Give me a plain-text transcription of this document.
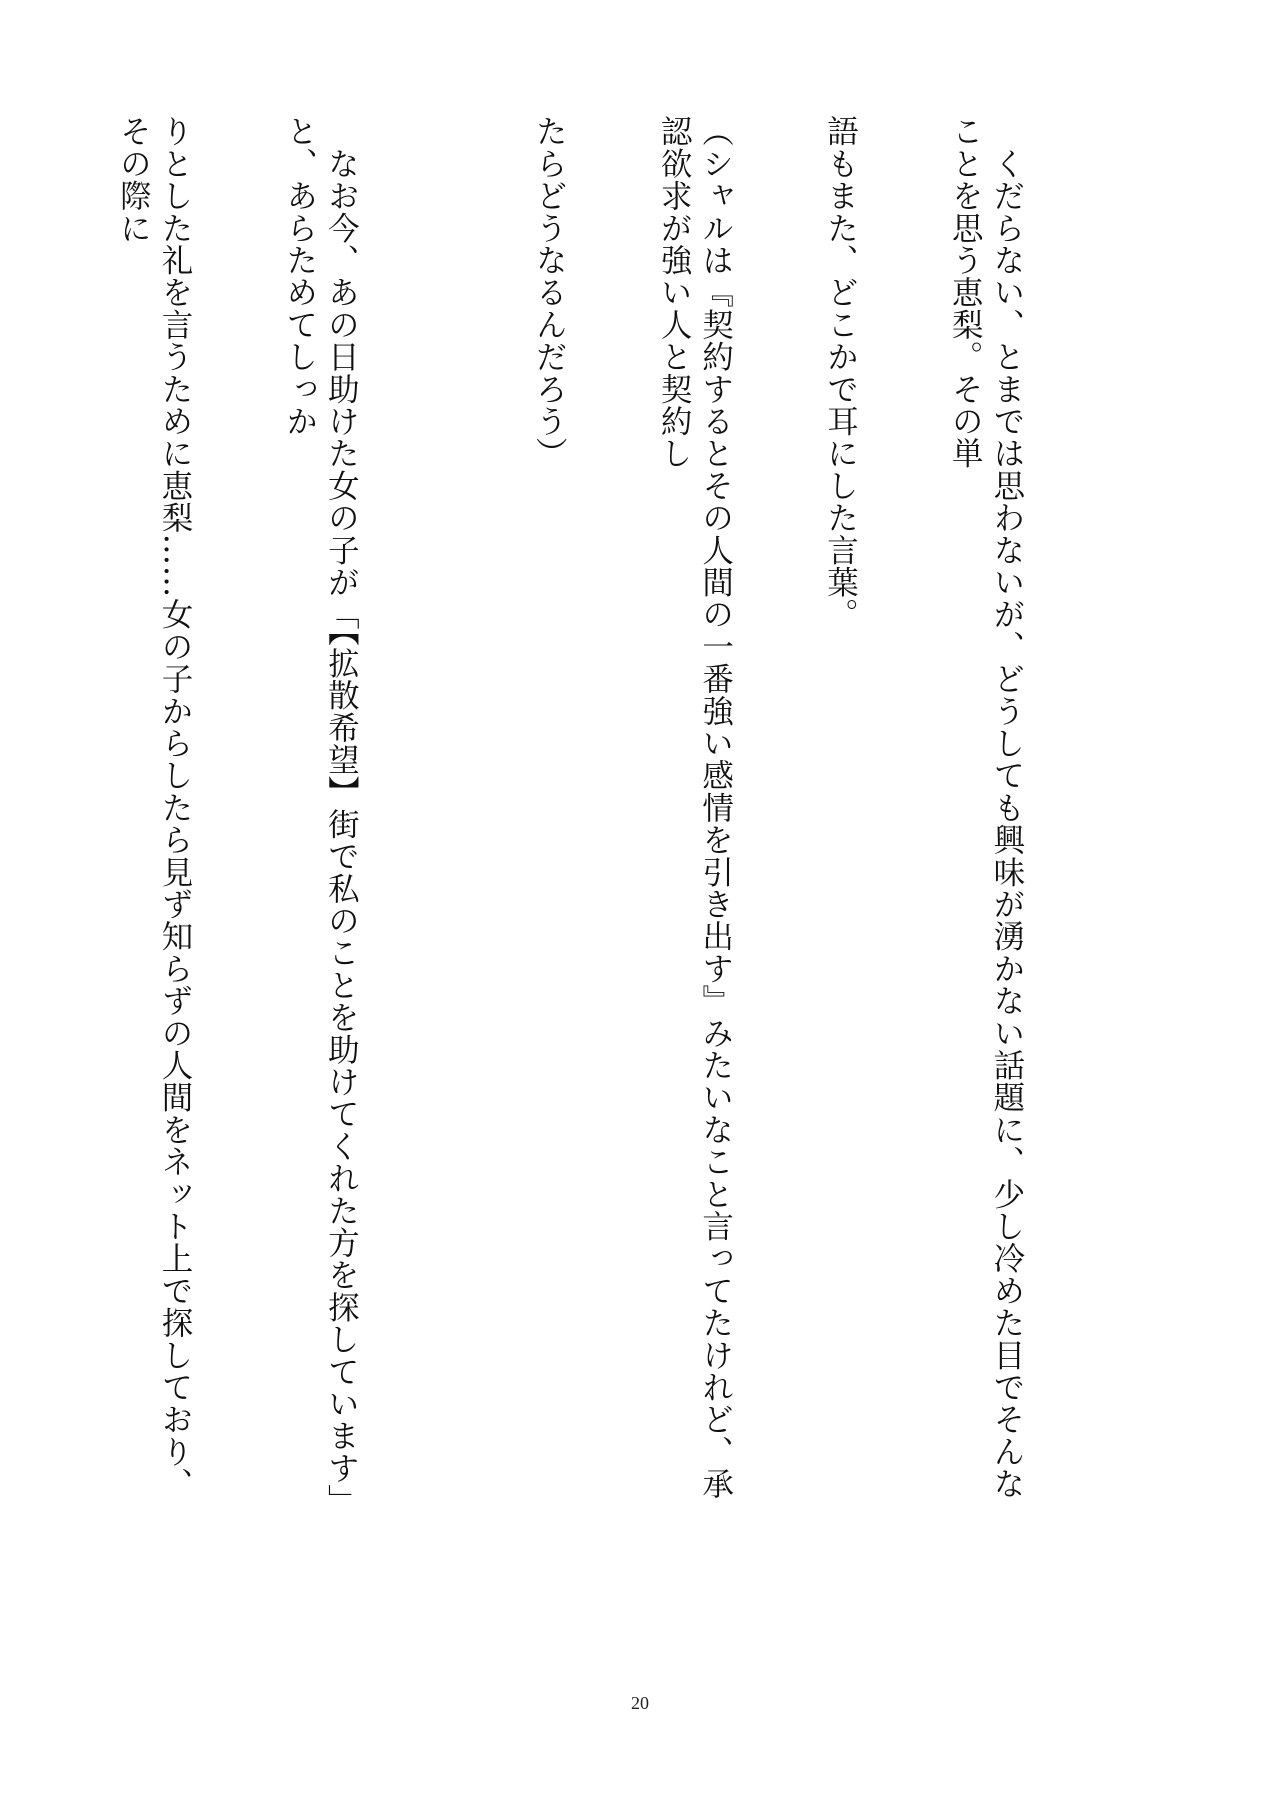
　くだらない、とまでは思わないが、どうしても興味が湧かない話題に、少し冷めた目でそんなことを思う恵梨。その単

語もまた、どこかで耳にした言葉。

（シャルは『契約するとその人間の一番強い感情を引き出す』みたいなこと言ってたけれど、承認欲求が強い人と契約し

たらどうなるんだろう）

　なお今、あの日助けた女の子が「【拡散希望】街で私のことを助けてくれた方を探しています」と、あらためてしっか

りとした礼を言うために恵梨……女の子からしたら見ず知らずの人間をネット上で探しており、その際に

20
